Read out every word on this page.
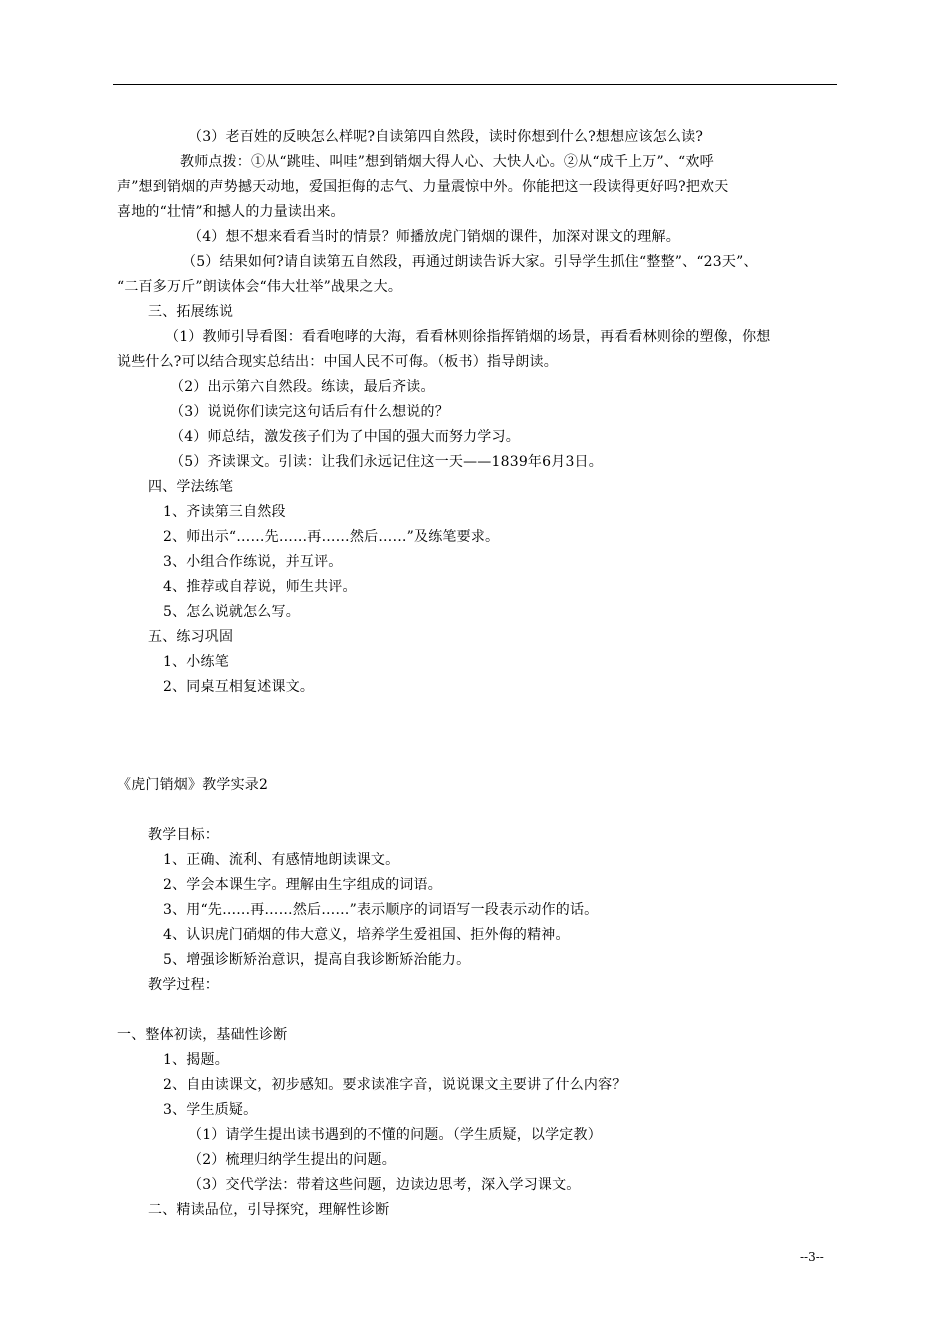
（3）老百姓的反映怎么样呢?自读第四自然段，读时你想到什么?想想应该怎么读?
教师点拨：①从“跳哇、叫哇”想到销烟大得人心、大快人心。②从“成千上万”、“欢呼
声”想到销烟的声势撼天动地，爱国拒侮的志气、力量震惊中外。你能把这一段读得更好吗?把欢天
喜地的“壮情”和撼人的力量读出来。
（4）想不想来看看当时的情景？师播放虎门销烟的课件，加深对课文的理解。
（5）结果如何?请自读第五自然段，再通过朗读告诉大家。引导学生抓住“整整”、“23天”、
“二百多万斤”朗读体会“伟大壮举”战果之大。
三、拓展练说
（1）教师引导看图：看看咆哮的大海，看看林则徐指挥销烟的场景，再看看林则徐的塑像，你想
说些什么?可以结合现实总结出：中国人民不可侮。（板书）指导朗读。
（2）出示第六自然段。练读，最后齐读。
（3）说说你们读完这句话后有什么想说的？
（4）师总结，激发孩子们为了中国的强大而努力学习。
（5）齐读课文。引读：让我们永远记住这一天——1839年6月3日。
四、学法练笔
1、齐读第三自然段
2、师出示“……先……再……然后……”及练笔要求。
3、小组合作练说，并互评。
4、推荐或自荐说，师生共评。
5、怎么说就怎么写。
五、练习巩固
1、小练笔
2、同桌互相复述课文。
《虎门销烟》教学实录2
教学目标：
1、正确、流利、有感情地朗读课文。
2、学会本课生字。理解由生字组成的词语。
3、用“先…...再……然后……”表示顺序的词语写一段表示动作的话。
4、认识虎门硝烟的伟大意义，培养学生爱祖国、拒外侮的精神。
5、增强诊断矫治意识，提高自我诊断矫治能力。
教学过程：
一、整体初读，基础性诊断
1、揭题。
2、自由读课文，初步感知。要求读准字音，说说课文主要讲了什么内容？
3、学生质疑。
（1）请学生提出读书遇到的不懂的问题。（学生质疑，以学定教）
（2）梳理归纳学生提出的问题。
（3）交代学法：带着这些问题，边读边思考，深入学习课文。
二、精读品位，引导探究，理解性诊断
--3--
